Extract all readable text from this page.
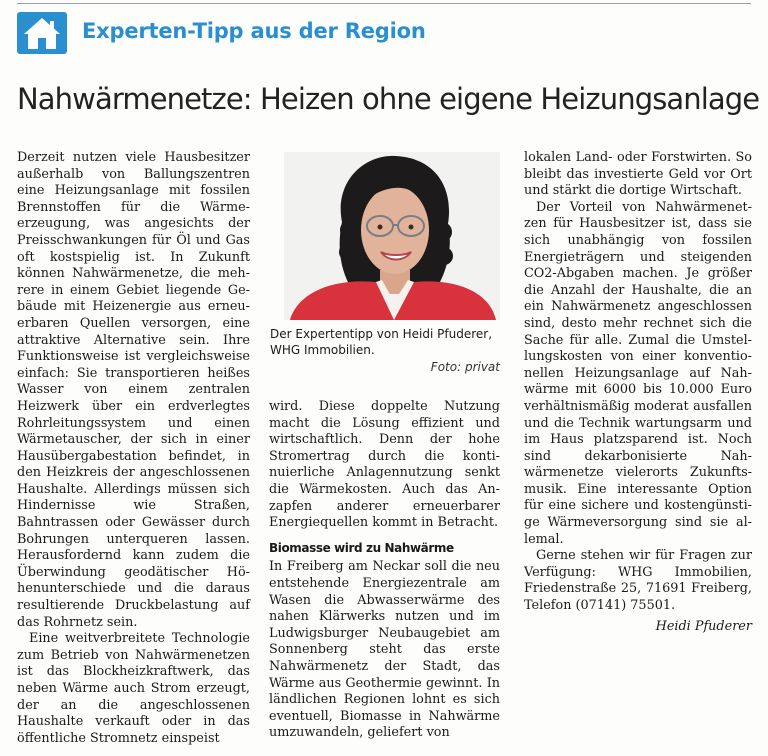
Experten-Tipp aus der Region
Nahwärmenetze: Heizen ohne eigene Heizungsanlage

Derzeit nutzen viele Hausbesitzer außerhalb von Ballungszentren eine Heizungsanlage mit fossilen Brennstoffen für die Wärmeerzeugung, was angesichts der Preisschwankungen für Öl und Gas oft kostspielig ist. In Zukunft können Nahwärmenetze, die mehrere in einem Gebiet liegende Gebäude mit Heizenergie aus erneuerbaren Quellen versorgen, eine attraktive Alternative sein. Ihre Funktionsweise ist vergleichsweise einfach: Sie transportieren heißes Wasser von einem zentralen Heizwerk über ein erdverlegtes Rohrleitungssystem und einen Wärmetauscher, der sich in einer Hausübergabestation befindet, in den Heizkreis der angeschlossenen Haushalte. Allerdings müssen sich Hindernisse wie Straßen, Bahntrassen oder Gewässer durch Bohrungen unterqueren lassen. Herausfordernd kann zudem die Überwindung geodätischer Höhenunterschiede und die daraus resultierende Druckbelastung auf das Rohrnetz sein.

Eine weitverbreitete Technologie zum Betrieb von Nahwärmenetzen ist das Blockheizkraftwerk, das neben Wärme auch Strom erzeugt, der an die angeschlossenen Haushalte verkauft oder in das öffentliche Stromnetz einspeist

Der Expertentipp von Heidi Pfuderer, WHG Immobilien.
Foto: privat

wird. Diese doppelte Nutzung macht die Lösung effizient und wirtschaftlich. Denn der hohe Stromertrag durch die kontinuierliche Anlagennutzung senkt die Wärmekosten. Auch das Anzapfen anderer erneuerbarer Energiequellen kommt in Betracht.

Biomasse wird zu Nahwärme

In Freiberg am Neckar soll die neu entstehende Energiezentrale am Wasen die Abwasserwärme des nahen Klärwerks nutzen und im Ludwigsburger Neubaugebiet am Sonnenberg steht das erste Nahwärmenetz der Stadt, das Wärme aus Geothermie gewinnt. In ländlichen Regionen lohnt es sich eventuell, Biomasse in Nahwärme umzuwandeln, geliefert von

lokalen Land- oder Forstwirten. So bleibt das investierte Geld vor Ort und stärkt die dortige Wirtschaft.

Der Vorteil von Nahwärmenetzen für Hausbesitzer ist, dass sie sich unabhängig von fossilen Energieträgern und steigenden CO2-Abgaben machen. Je größer die Anzahl der Haushalte, die an ein Nahwärmenetz angeschlossen sind, desto mehr rechnet sich die Sache für alle. Zumal die Umstellungskosten von einer konventionellen Heizungsanlage auf Nahwärme mit 6000 bis 10.000 Euro verhältnismäßig moderat ausfallen und die Technik wartungsarm und im Haus platzsparend ist. Noch sind dekarbonisierte Nahwärmenetze vielerorts Zukunftsmusik. Eine interessante Option für eine sichere und kostengünstige Wärmeversorgung sind sie allemal.

Gerne stehen wir für Fragen zur Verfügung: WHG Immobilien, Friedenstraße 25, 71691 Freiberg, Telefon (07141) 75501.

Heidi Pfuderer
